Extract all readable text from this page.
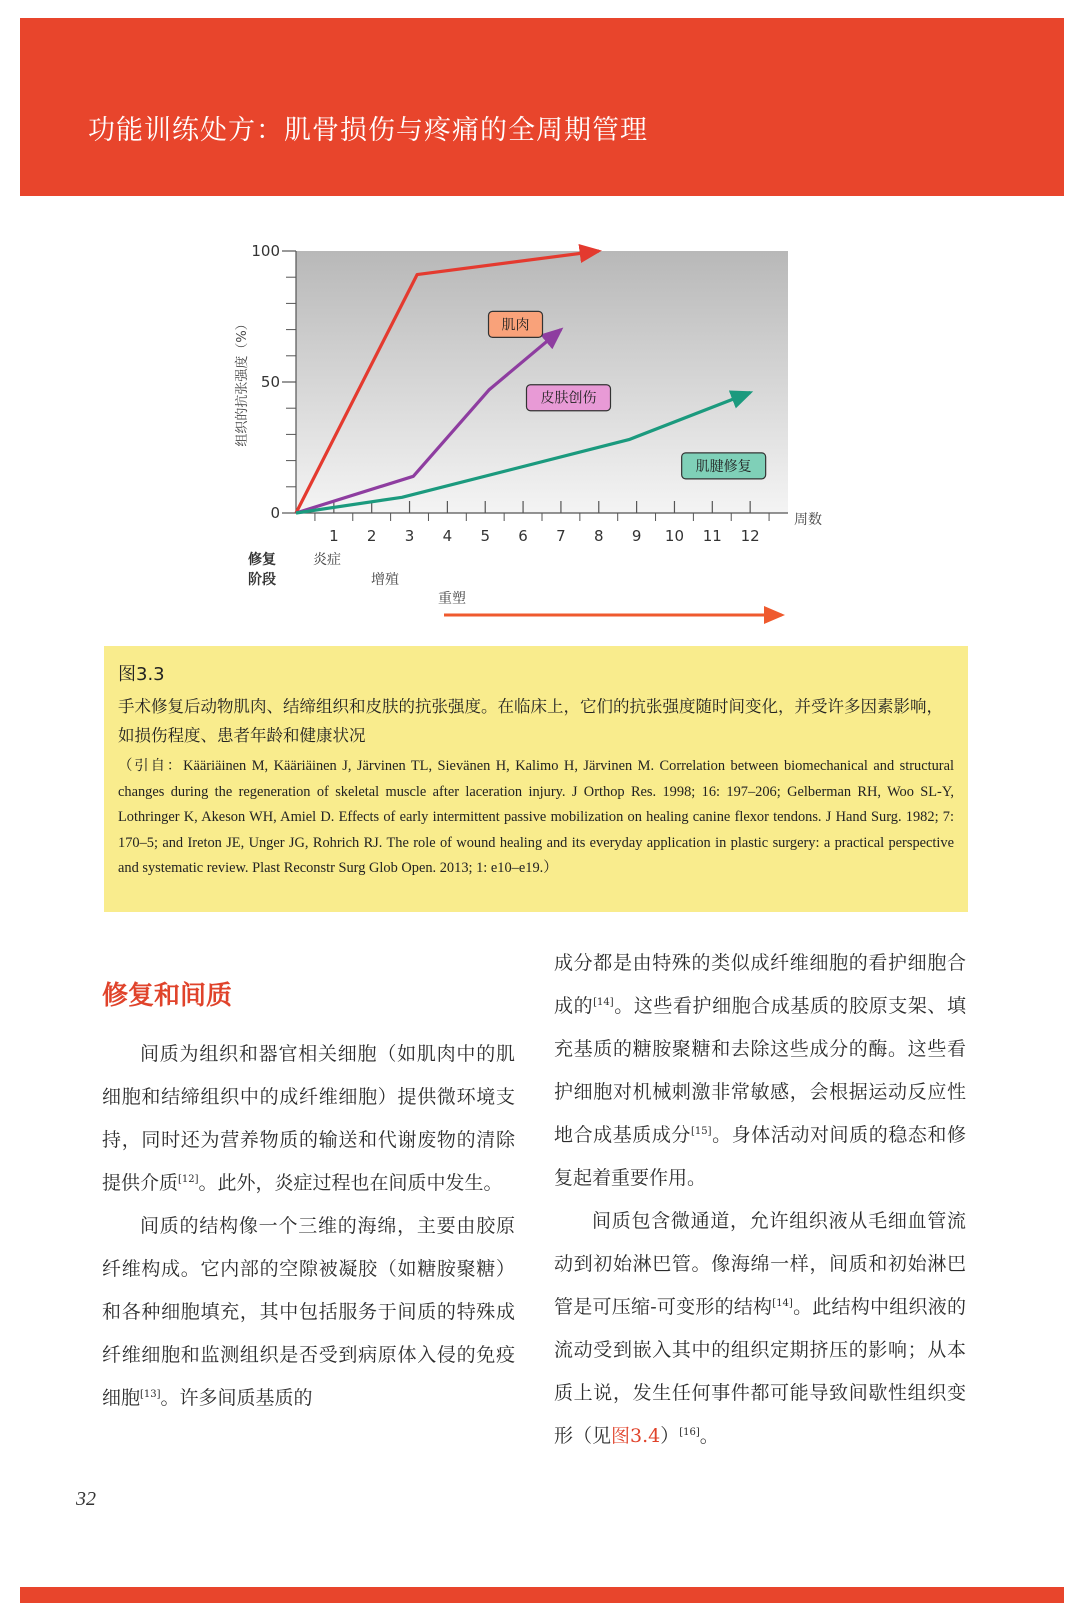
功能训练处方：肌骨损伤与疼痛的全周期管理
0
50
100
1 2 3 4 5 6 7 8 9 10 11 12
组织的抗张强度（%）
周数
肌肉
皮肤创伤
肌腱修复
修复
阶段
炎症
增殖
重塑

图3.3

手术修复后动物肌肉、结缔组织和皮肤的抗张强度。在临床上，它们的抗张强度随时间变化，并受许多因素影响，如损伤程度、患者年龄和健康状况

（引自：Kääriäinen M, Kääriäinen J, Järvinen TL, Sievänen H, Kalimo H, Järvinen M. Correlation between biomechanical and structural changes during the regeneration of skeletal muscle after laceration injury. J Orthop Res. 1998; 16: 197–206; Gelberman RH, Woo SL-Y, Lothringer K, Akeson WH, Amiel D. Effects of early intermittent passive mobilization on healing canine flexor tendons. J Hand Surg. 1982; 7: 170–5; and Ireton JE, Unger JG, Rohrich RJ. The role of wound healing and its everyday application in plastic surgery: a practical perspective and systematic review. Plast Reconstr Surg Glob Open. 2013; 1: e10–e19.）

修复和间质

间质为组织和器官相关细胞（如肌肉中的肌细胞和结缔组织中的成纤维细胞）提供微环境支持，同时还为营养物质的输送和代谢废物的清除提供介质[12]。此外，炎症过程也在间质中发生。

间质的结构像一个三维的海绵，主要由胶原纤维构成。它内部的空隙被凝胶（如糖胺聚糖）和各种细胞填充，其中包括服务于间质的特殊成纤维细胞和监测组织是否受到病原体入侵的免疫细胞[13]。许多间质基质的

成分都是由特殊的类似成纤维细胞的看护细胞合成的[14]。这些看护细胞合成基质的胶原支架、填充基质的糖胺聚糖和去除这些成分的酶。这些看护细胞对机械刺激非常敏感，会根据运动反应性地合成基质成分[15]。身体活动对间质的稳态和修复起着重要作用。

间质包含微通道，允许组织液从毛细血管流动到初始淋巴管。像海绵一样，间质和初始淋巴管是可压缩-可变形的结构[14]。此结构中组织液的流动受到嵌入其中的组织定期挤压的影响；从本质上说，发生任何事件都可能导致间歇性组织变形（见图3.4）[16]。

32
